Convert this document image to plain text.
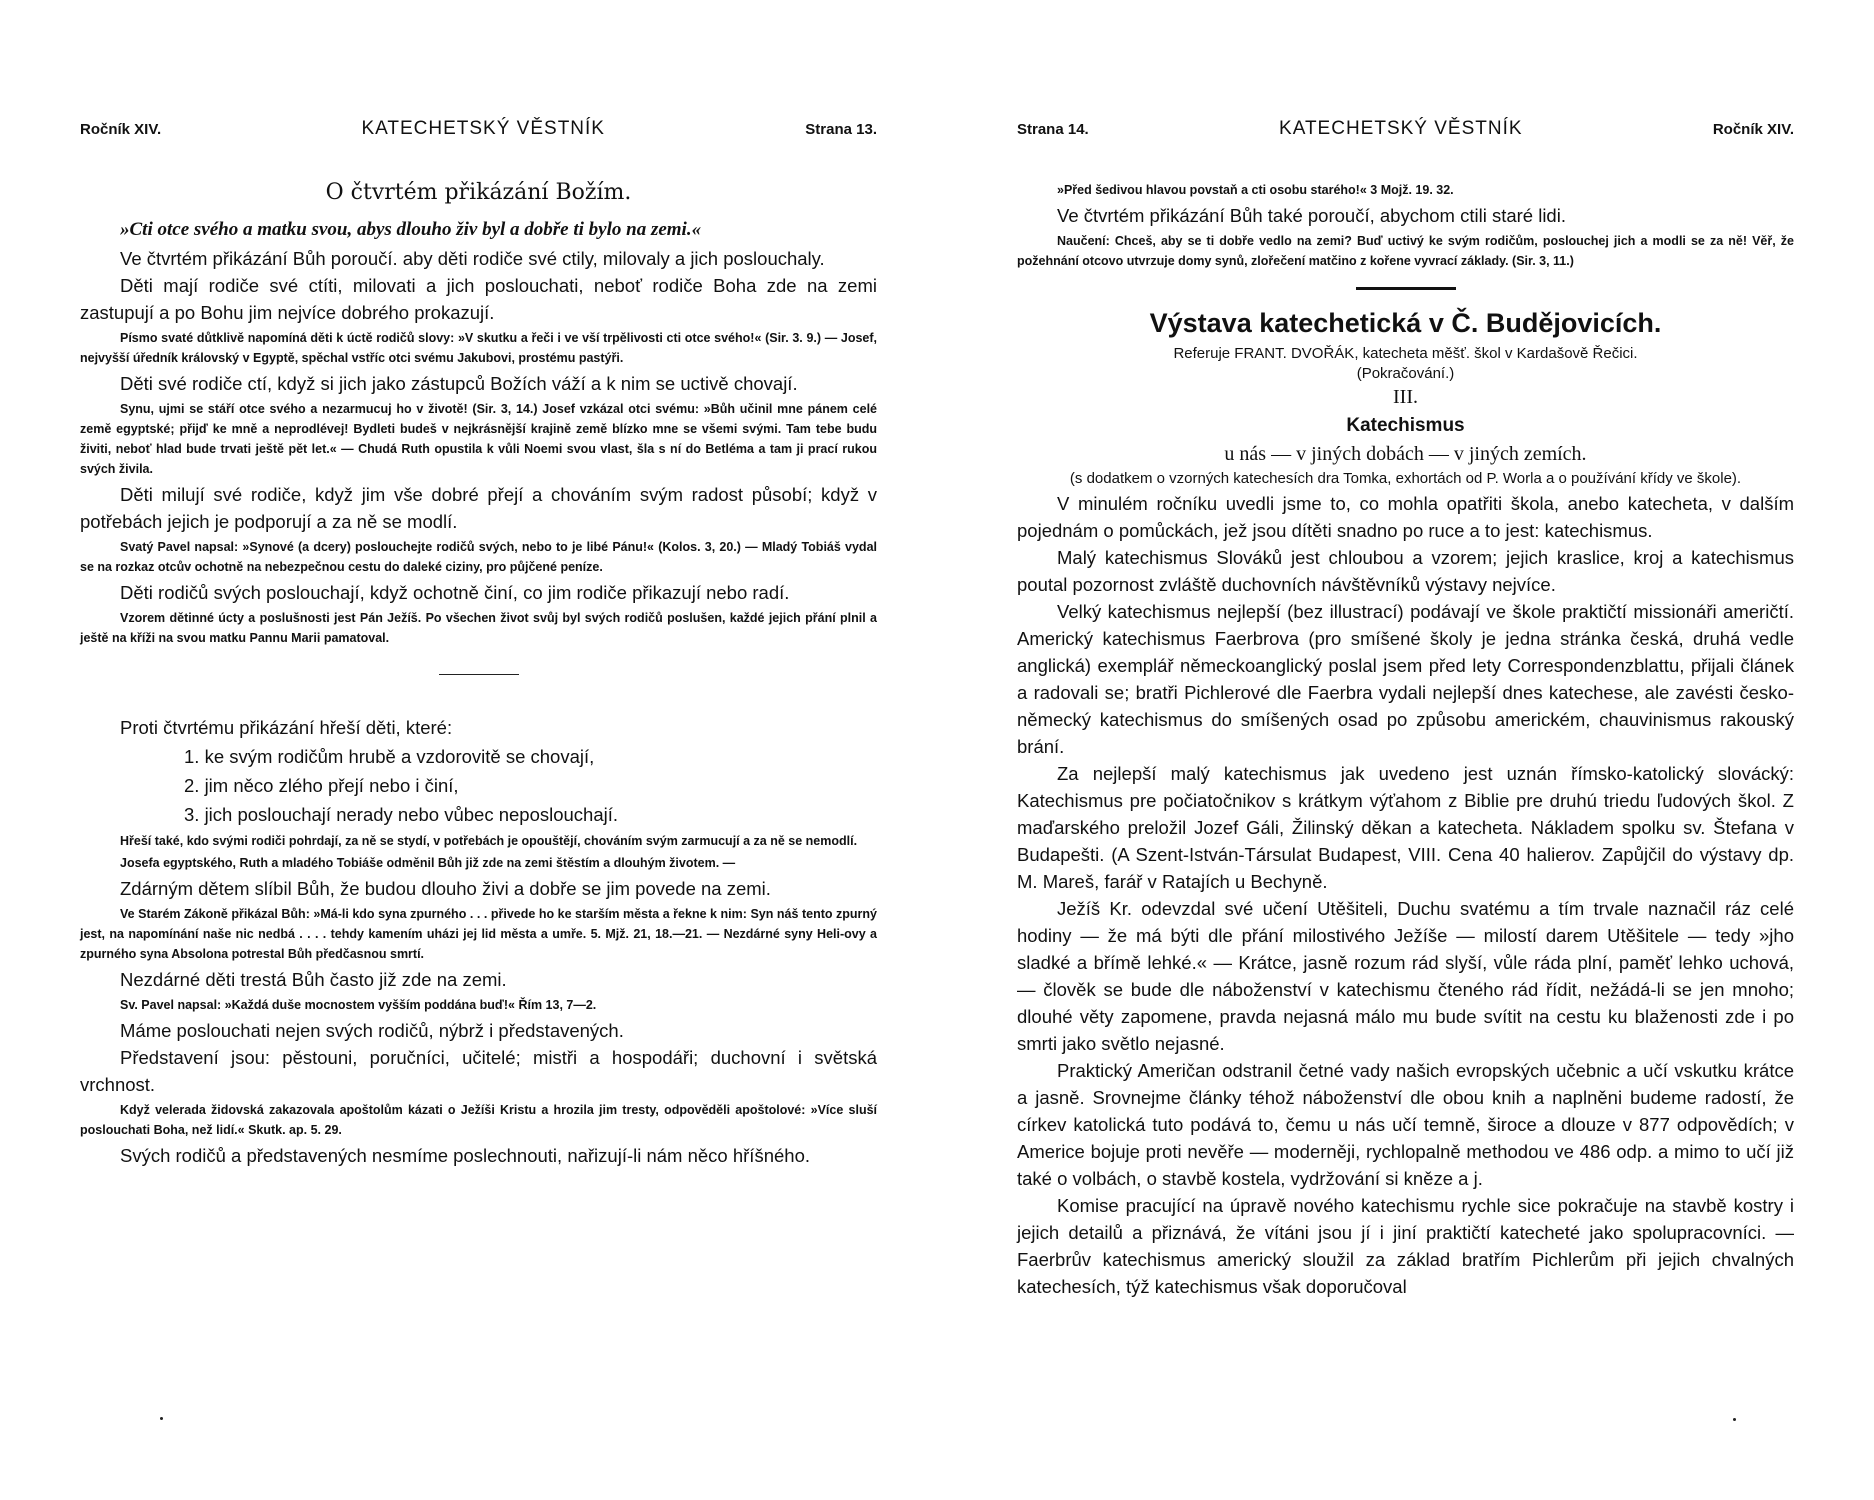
Ročník XIV.	KATECHETSKÝ VĚSTNÍK	Strana 13.
O čtvrtém přikázání Božím.

»Cti otce svého a matku svou, abys dlouho živ byl a dobře ti bylo na zemi.«

Ve čtvrtém přikázání Bůh poroučí. aby děti rodiče své ctily, milovaly a jich poslouchaly.

Děti mají rodiče své ctíti, milovati a jich poslouchati, neboť rodiče Boha zde na zemi zastupují a po Bohu jim nejvíce dobrého prokazují.

Písmo svaté důtklivě napomíná děti k úctě rodičů slovy: »V skutku a řeči i ve vší trpělivosti cti otce svého!« (Sir. 3. 9.) — Josef, nejvyšší úředník královský v Egyptě, spěchal vstříc otci svému Jakubovi, prostému pastýři.

Děti své rodiče ctí, když si jich jako zástupců Božích váží a k nim se uctivě chovají.

Synu, ujmi se stáří otce svého a nezarmucuj ho v životě! (Sir. 3, 14.) Josef vzkázal otci svému: »Bůh učinil mne pánem celé země egyptské; přijď ke mně a neprodlévej! Bydleti budeš v nejkrásnější krajině země blízko mne se všemi svými. Tam tebe budu živiti, neboť hlad bude trvati ještě pět let.« — Chudá Ruth opustila k vůli Noemi svou vlast, šla s ní do Betléma a tam ji prací rukou svých živila.

Děti milují své rodiče, když jim vše dobré přejí a chováním svým radost působí; když v potřebách jejich je podporují a za ně se modlí.

Svatý Pavel napsal: »Synové (a dcery) poslouchejte rodičů svých, nebo to je libé Pánu!« (Kolos. 3, 20.) — Mladý Tobiáš vydal se na rozkaz otcův ochotně na nebezpečnou cestu do daleké ciziny, pro půjčené peníze.

Děti rodičů svých poslouchají, když ochotně činí, co jim rodiče přikazují nebo radí.

Vzorem dětinné úcty a poslušnosti jest Pán Ježíš. Po všechen život svůj byl svých rodičů poslušen, každé jejich přání plnil a ještě na kříži na svou matku Pannu Marii pamatoval.

Proti čtvrtému přikázání hřeší děti, které:
1. ke svým rodičům hrubě a vzdorovitě se chovají,
2. jim něco zlého přejí nebo i činí,
3. jich poslouchají nerady nebo vůbec neposlouchají.

Hřeší také, kdo svými rodiči pohrdají, za ně se stydí, v potřebách je opouštějí, chováním svým zarmucují a za ně se nemodlí.

Josefa egyptského, Ruth a mladého Tobiáše odměnil Bůh již zde na zemi štěstím a dlouhým životem. —

Zdárným dětem slíbil Bůh, že budou dlouho živi a dobře se jim povede na zemi.

Ve Starém Zákoně přikázal Bůh: »Má-li kdo syna zpurného . . . přivede ho ke starším města a řekne k nim: Syn náš tento zpurný jest, na napomínání naše nic nedbá . . . . tehdy kamením uházi jej lid města a umře. 5. Mjž. 21, 18.—21. — Nezdárné syny Heli-ovy a zpurného syna Absolona potrestal Bůh předčasnou smrtí.

Nezdárné děti trestá Bůh často již zde na zemi.

Sv. Pavel napsal: »Každá duše mocnostem vyšším poddána buď!« Řím 13, 7—2.

Máme poslouchati nejen svých rodičů, nýbrž i představených.

Představení jsou: pěstouni, poručníci, učitelé; mistři a hospodáři; duchovní i světská vrchnost.

Když velerada židovská zakazovala apoštolům kázati o Ježíši Kristu a hrozila jim tresty, odpověděli apoštolové: »Více sluší poslouchati Boha, než lidí.« Skutk. ap. 5. 29.

Svých rodičů a představených nesmíme poslechnouti, nařizují-li nám něco hříšného.

Strana 14.	KATECHETSKÝ VĚSTNÍK	Ročník XIV.

»Před šedivou hlavou povstaň a cti osobu starého!« 3 Mojž. 19. 32.

Ve čtvrtém přikázání Bůh také poroučí, abychom ctili staré lidi.

Naučení: Chceš, aby se ti dobře vedlo na zemi? Buď uctivý ke svým rodičům, poslouchej jich a modli se za ně! Věř, že požehnání otcovo utvrzuje domy synů, zlořečení matčino z kořene vyvrací základy. (Sir. 3, 11.)

Výstava katechetická v Č. Budějovicích.
Referuje FRANT. DVOŘÁK, katecheta měšť. škol v Kardašově Řečici.
(Pokračování.)
III.
Katechismus
u nás — v jiných dobách — v jiných zemích.
(s dodatkem o vzorných katechesích dra Tomka, exhortách od P. Worla a o používání křídy ve škole).

V minulém ročníku uvedli jsme to, co mohla opatřiti škola, anebo katecheta, v dalším pojednám o pomůckách, jež jsou dítěti snadno po ruce a to jest: katechismus.

Malý katechismus Slováků jest chloubou a vzorem; jejich kraslice, kroj a katechismus poutal pozornost zvláště duchovních návštěvníků výstavy nejvíce.

Velký katechismus nejlepší (bez illustrací) podávají ve škole praktičtí missionáři američtí. Americký katechismus Faerbrova (pro smíšené školy je jedna stránka česká, druhá vedle anglická) exemplář německoanglický poslal jsem před lety Correspondenzblattu, přijali článek a radovali se; bratři Pichlerové dle Faerbra vydali nejlepší dnes katechese, ale zavésti česko-německý katechismus do smíšených osad po způsobu americkém, chauvinismus rakouský brání.

Za nejlepší malý katechismus jak uvedeno jest uznán římsko-katolický slovácký: Katechismus pre počiatočnikov s krátkym výťahom z Biblie pre druhú triedu ľudových škol. Z maďarského preložil Jozef Gáli, Žilinský děkan a katecheta. Nákladem spolku sv. Štefana v Budapešti. (A Szent-István-Társulat Budapest, VIII. Cena 40 halierov. Zapůjčil do výstavy dp. M. Mareš, farář v Ratajích u Bechyně.

Ježíš Kr. odevzdal své učení Utěšiteli, Duchu svatému a tím trvale naznačil ráz celé hodiny — že má býti dle přání milostivého Ježíše — milostí darem Utěšitele — tedy »jho sladké a břímě lehké.« — Krátce, jasně rozum rád slyší, vůle ráda plní, paměť lehko uchová, — člověk se bude dle náboženství v katechismu čteného rád řídit, nežádá-li se jen mnoho; dlouhé věty zapomene, pravda nejasná málo mu bude svítit na cestu ku blaženosti zde i po smrti jako světlo nejasné.

Praktický Američan odstranil četné vady našich evropských učebnic a učí vskutku krátce a jasně. Srovnejme články téhož náboženství dle obou knih a naplněni budeme radostí, že církev katolická tuto podává to, čemu u nás učí temně, široce a dlouze v 877 odpovědích; v Americe bojuje proti nevěře — moderněji, rychlopalně methodou ve 486 odp. a mimo to učí již také o volbách, o stavbě kostela, vydržování si kněze a j.

Komise pracující na úpravě nového katechismu rychle sice pokračuje na stavbě kostry i jejich detailů a přiznává, že vítáni jsou jí i jiní praktičtí katecheté jako spolupracovníci. — Faerbrův katechismus americký sloužil za základ bratřím Pichlerům při jejich chvalných katechesích, týž katechismus však doporučoval
